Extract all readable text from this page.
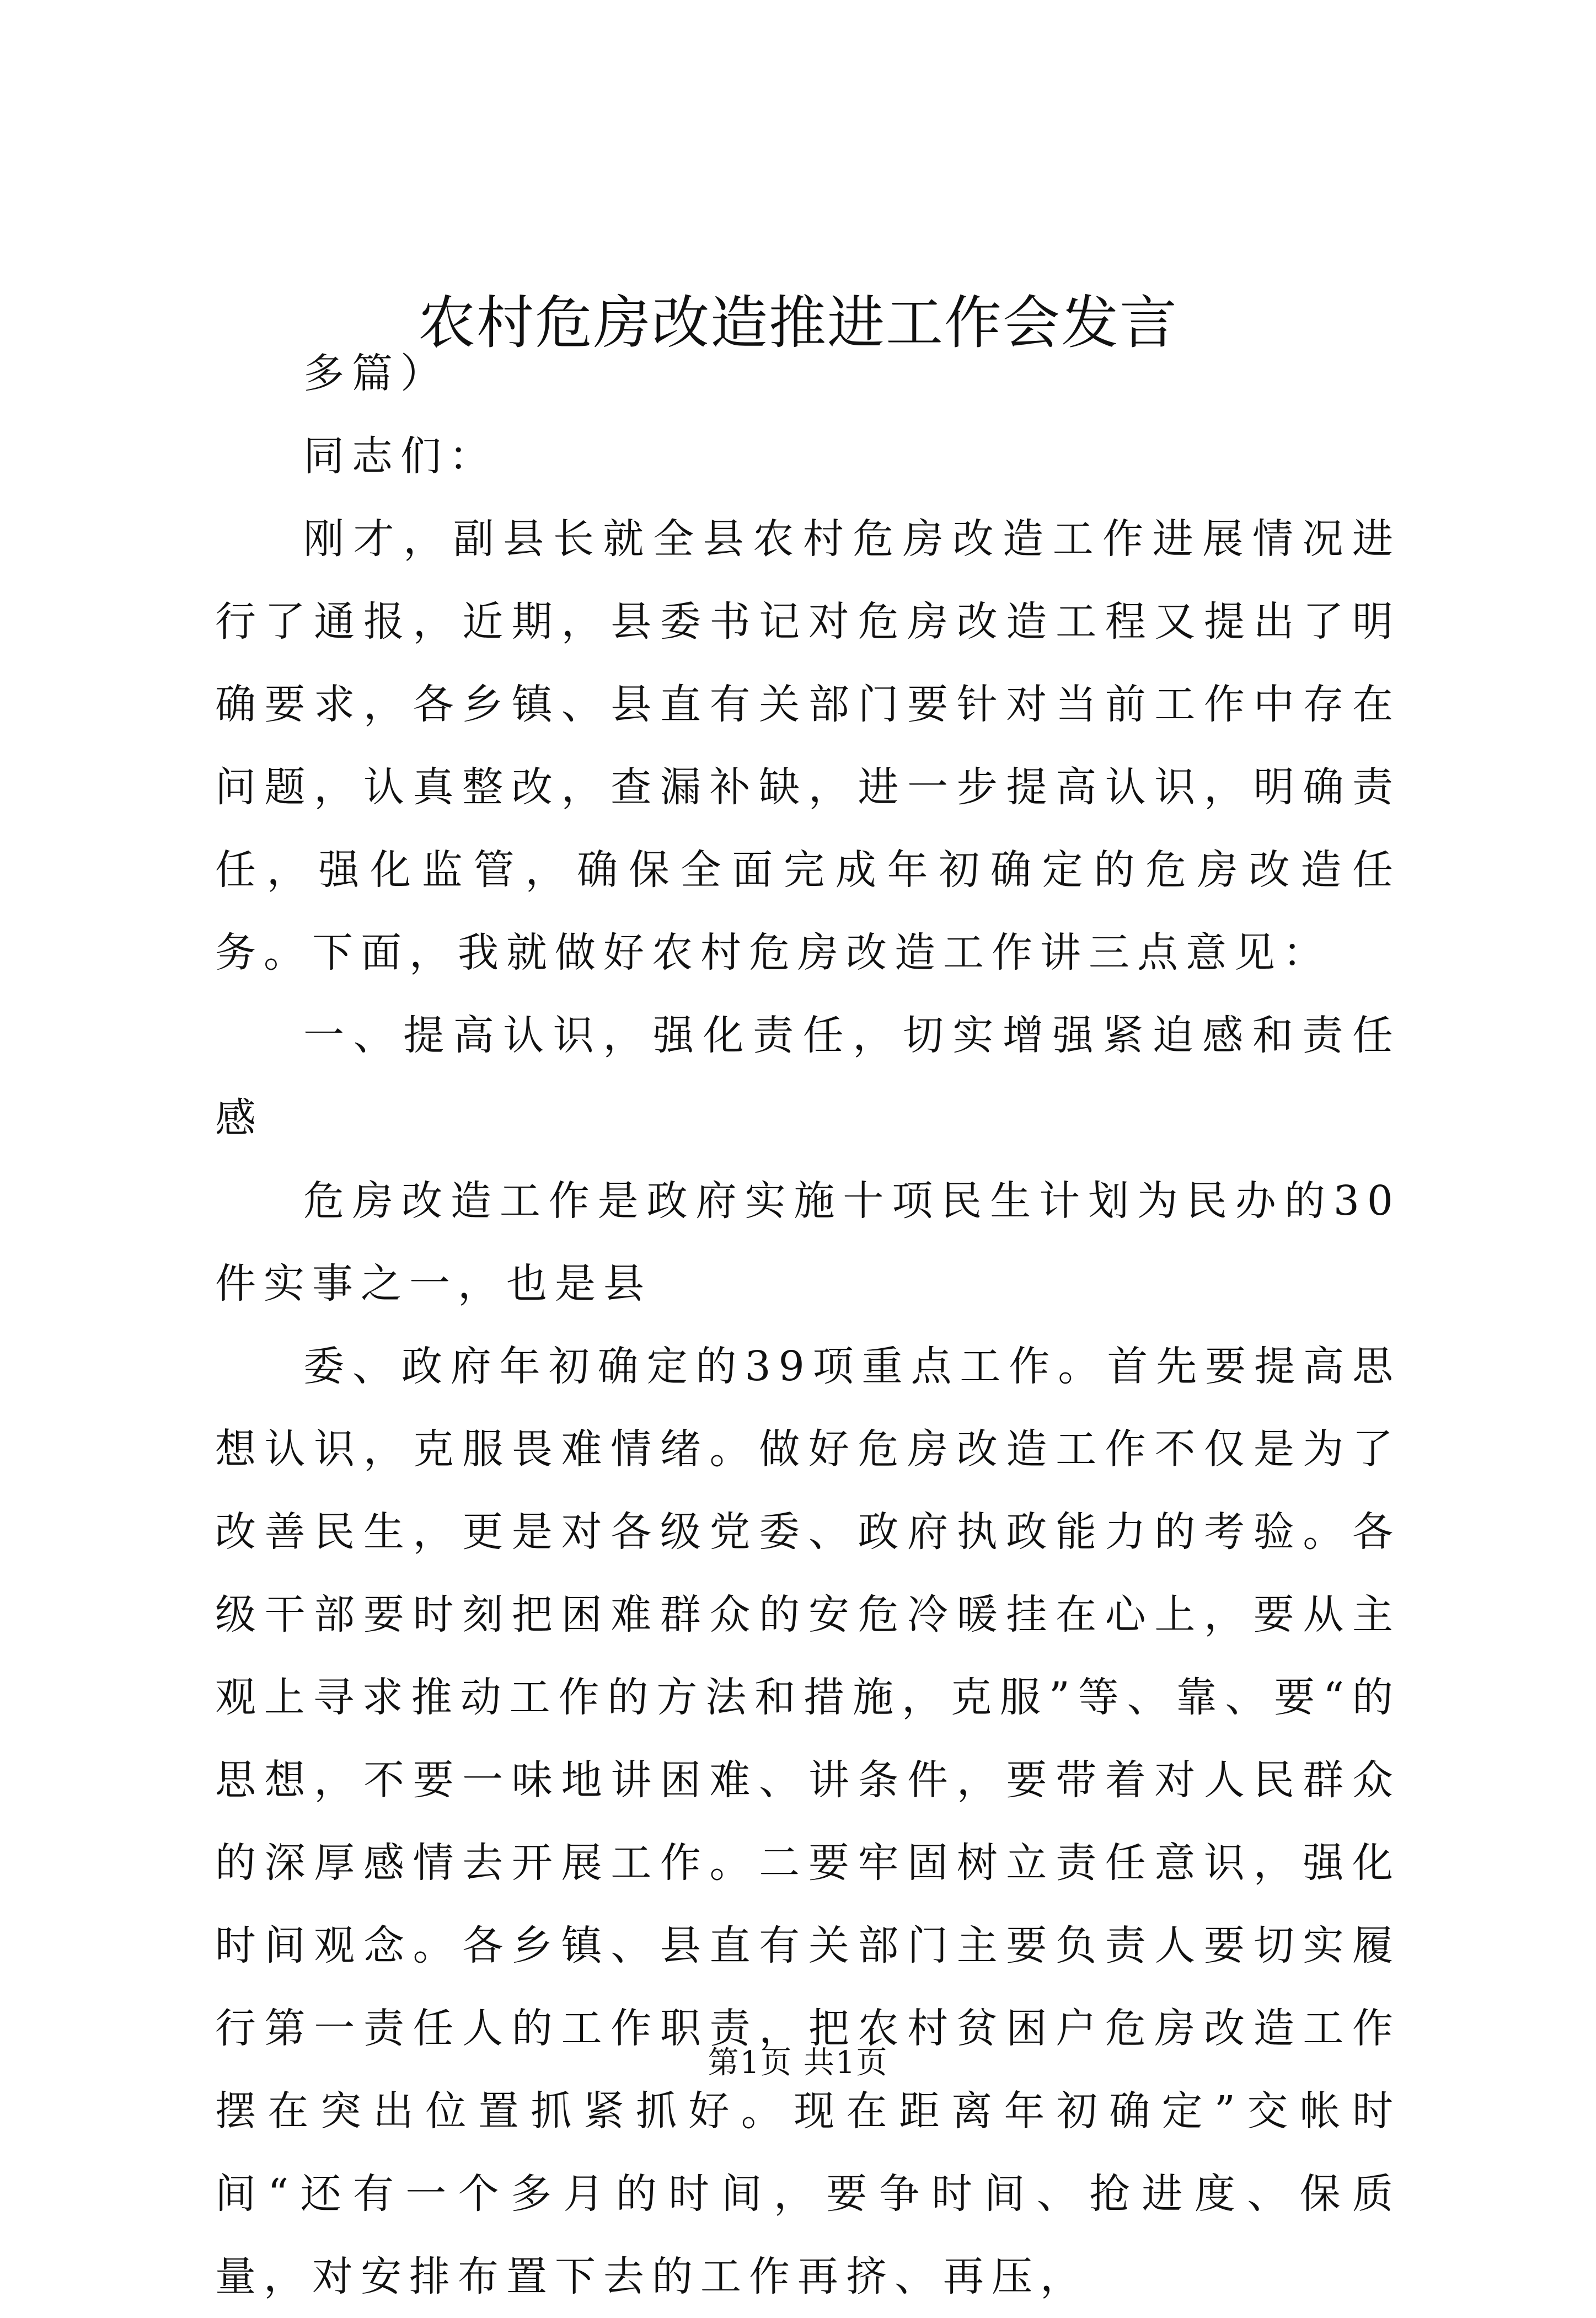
农村危房改造推进工作会发言

多篇）

同志们：

刚才，副县长就全县农村危房改造工作进展情况进行了通报，近期，县委书记对危房改造工程又提出了明确要求，各乡镇、县直有关部门要针对当前工作中存在问题，认真整改，查漏补缺，进一步提高认识，明确责任，强化监管，确保全面完成年初确定的危房改造任务。下面，我就做好农村危房改造工作讲三点意见：

一、提高认识，强化责任，切实增强紧迫感和责任感

危房改造工作是政府实施十项民生计划为民办的30件实事之一，也是县

委、政府年初确定的39项重点工作。首先要提高思想认识，克服畏难情绪。做好危房改造工作不仅是为了改善民生，更是对各级党委、政府执政能力的考验。各级干部要时刻把困难群众的安危冷暖挂在心上，要从主观上寻求推动工作的方法和措施，克服”等、靠、要“的思想，不要一味地讲困难、讲条件，要带着对人民群众的深厚感情去开展工作。二要牢固树立责任意识，强化时间观念。各乡镇、县直有关部门主要负责人要切实履行第一责任人的工作职责，把农村贫困户危房改造工作摆在突出位置抓紧抓好。现在距离年初确定”交帐时间“还有一个多月的时间，要争时间、抢进度、保质量，对安排布置下去的工作再挤、再压，

第1页 共1页
